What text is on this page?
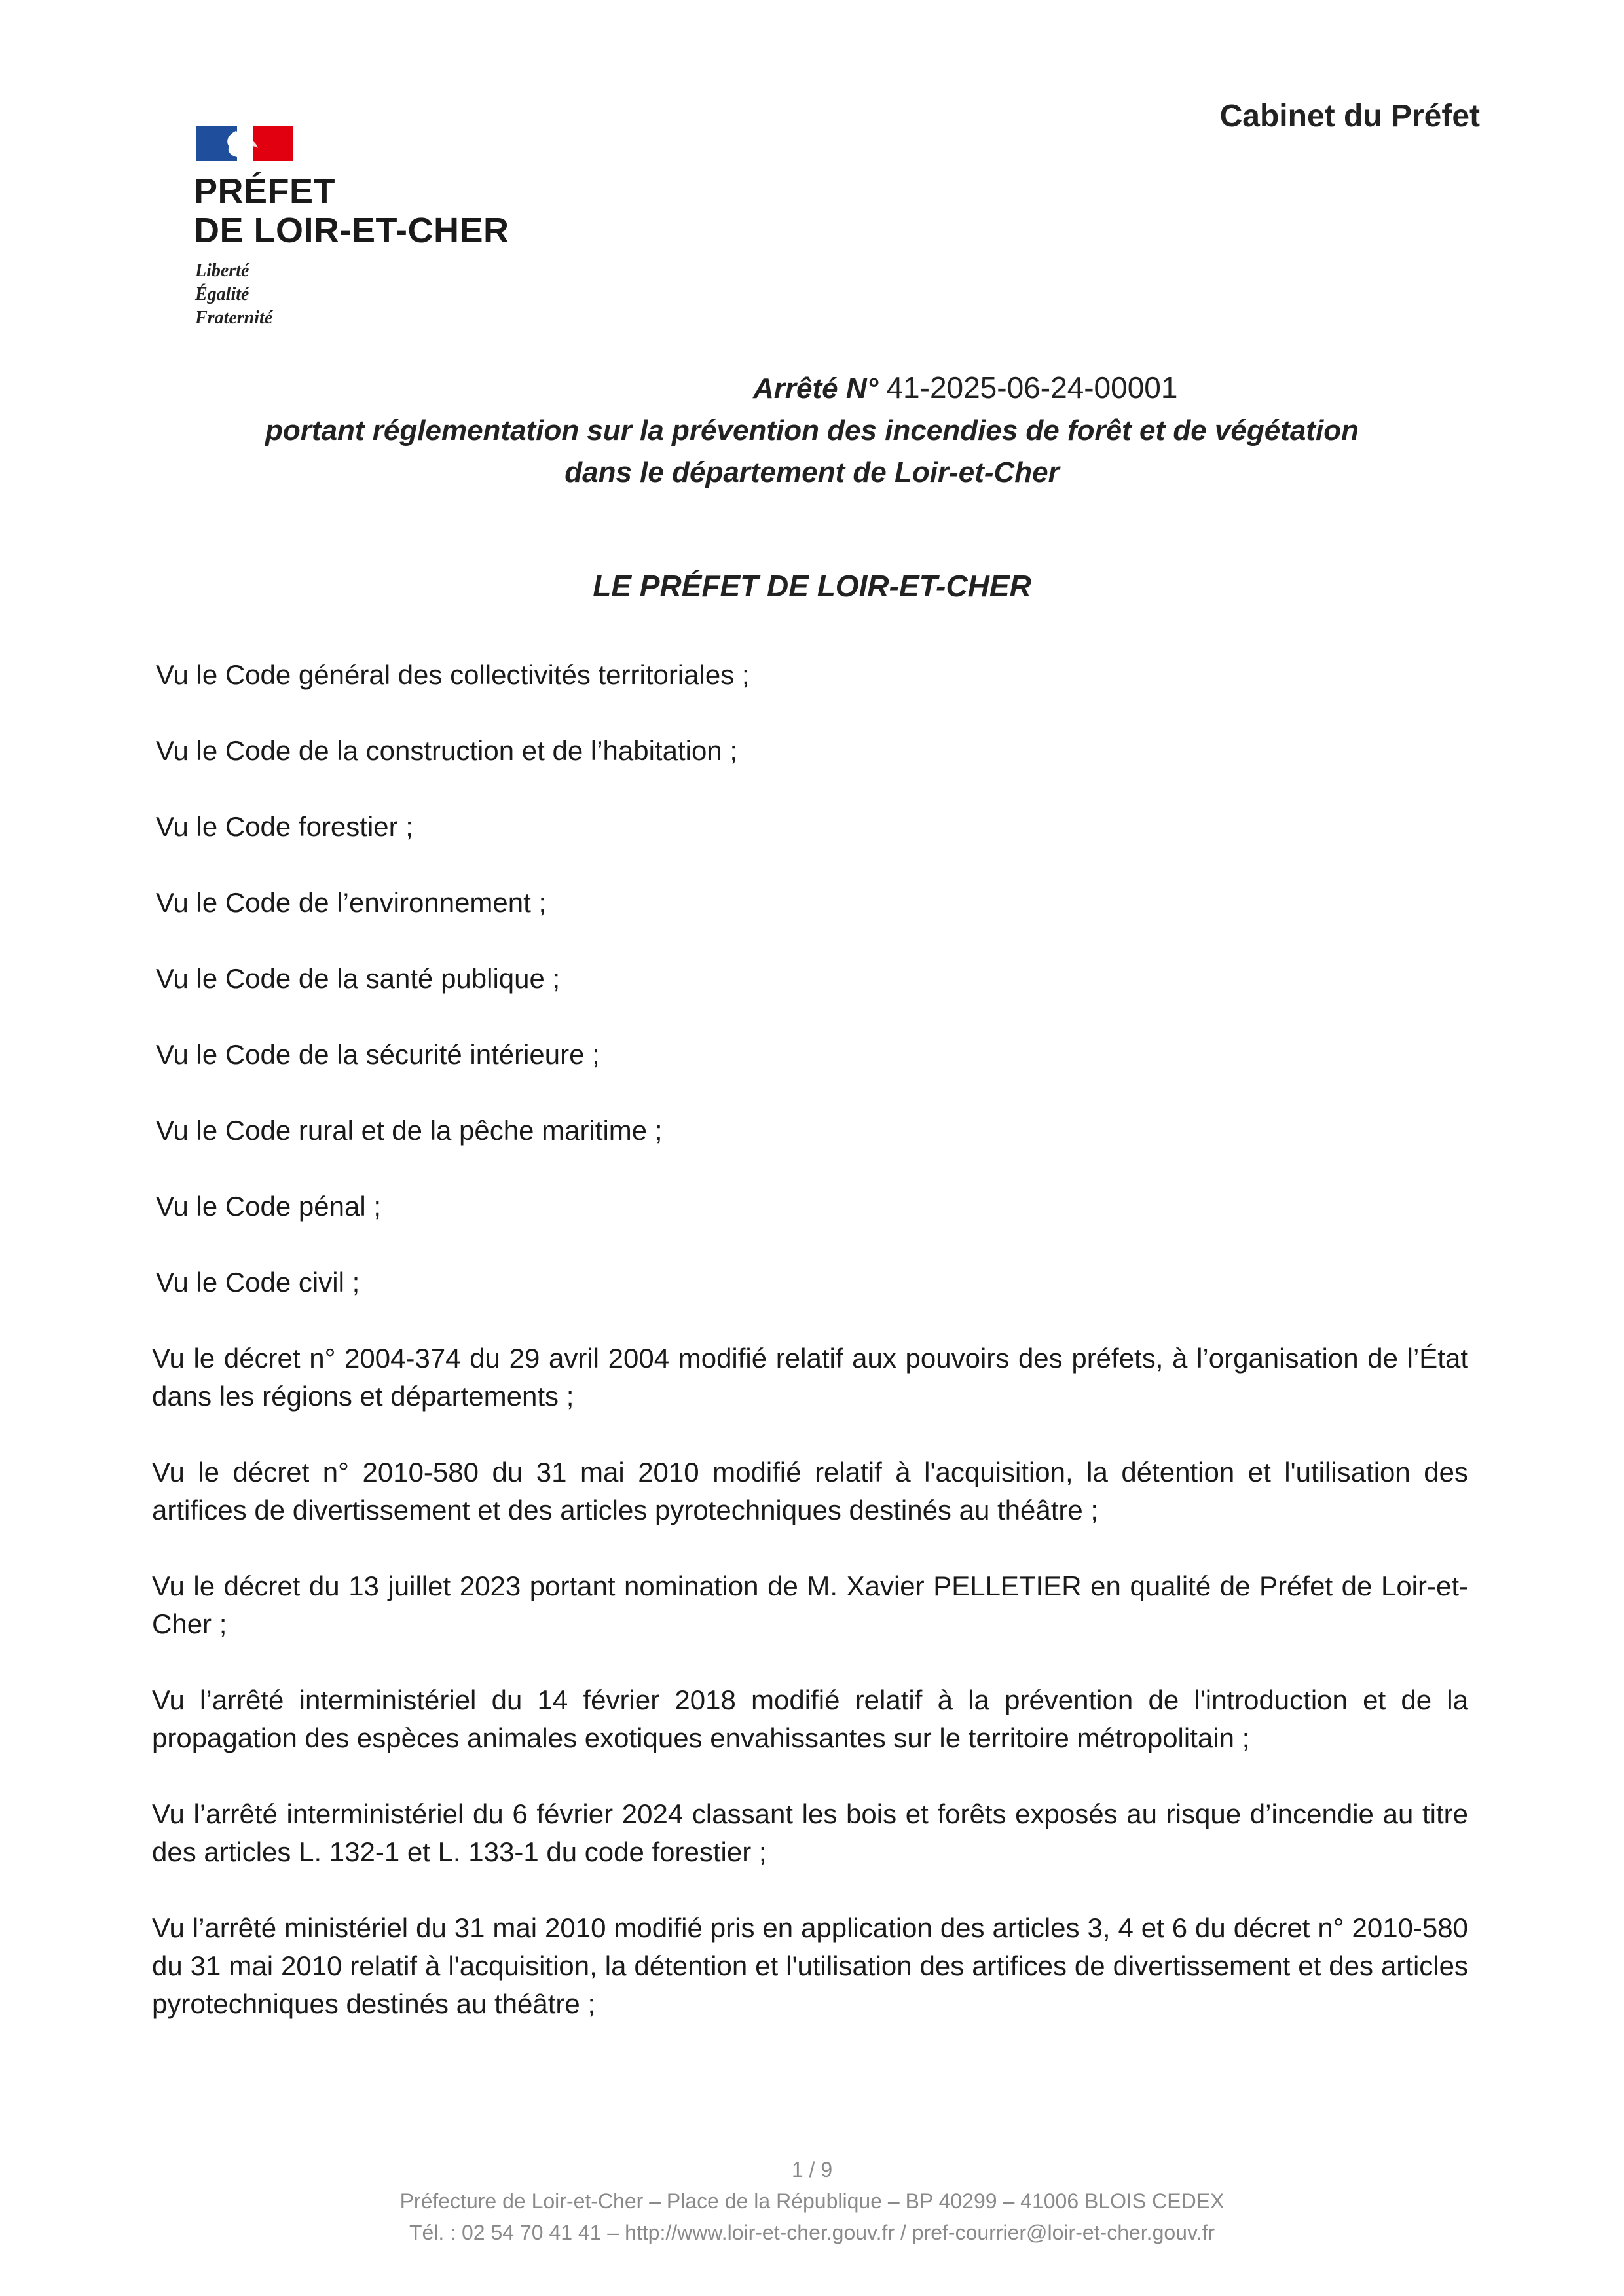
PRÉFET
DE LOIR-ET-CHER
Liberté
Égalité
Fraternité
Cabinet du Préfet
Arrêté N° 41-2025-06-24-00001
portant réglementation sur la prévention des incendies de forêt et de végétation
dans le département de Loir-et-Cher
LE PRÉFET DE LOIR-ET-CHER
Vu le Code général des collectivités territoriales ;
Vu le Code de la construction et de l’habitation ;
Vu le Code forestier ;
Vu le Code de l’environnement ;
Vu le Code de la santé publique ;
Vu le Code de la sécurité intérieure ;
Vu le Code rural et de la pêche maritime ;
Vu le Code pénal ;
Vu le Code civil ;
Vu le décret n° 2004-374 du 29 avril 2004 modifié relatif aux pouvoirs des préfets, à l’organisation de l’État dans les régions et départements ;
Vu le décret n° 2010-580 du 31 mai 2010 modifié relatif à l'acquisition, la détention et l'utilisation des artifices de divertissement et des articles pyrotechniques destinés au théâtre ;
Vu le décret du 13 juillet 2023 portant nomination de M. Xavier PELLETIER en qualité de Préfet de Loir-et-Cher ;
Vu l’arrêté interministériel du 14 février 2018 modifié relatif à la prévention de l'introduction et de la propagation des espèces animales exotiques envahissantes sur le territoire métropolitain ;
Vu l’arrêté interministériel du 6 février 2024 classant les bois et forêts exposés au risque d’incendie au titre des articles L. 132-1 et L. 133-1 du code forestier ;
Vu l’arrêté ministériel du 31 mai 2010 modifié pris en application des articles 3, 4 et 6 du décret n° 2010-580 du 31 mai 2010 relatif à l'acquisition, la détention et l'utilisation des artifices de divertissement et des articles pyrotechniques destinés au théâtre ;
1 / 9
Préfecture de Loir-et-Cher – Place de la République – BP 40299 – 41006 BLOIS CEDEX
Tél. : 02 54 70 41 41 – http://www.loir-et-cher.gouv.fr / pref-courrier@loir-et-cher.gouv.fr
